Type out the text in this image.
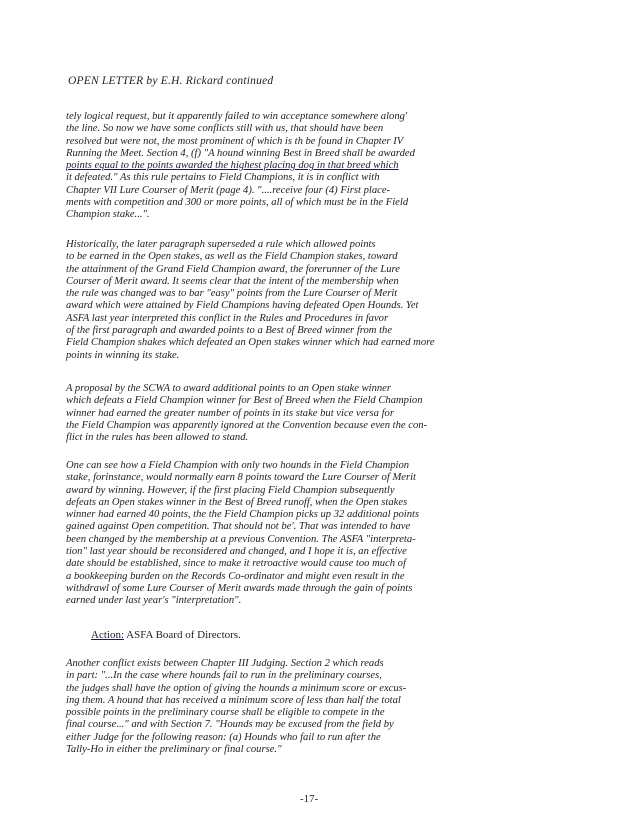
OPEN LETTER by E.H. Rickard continued
tely logical request, but it apparently failed to win acceptance somewhere along'
the line. So now we have some conflicts still with us, that should have been
resolved but were not, the most prominent of which is th be found in Chapter IV
Running the Meet. Section 4, (f) "A hound winning Best in Breed shall be awarded
points equal to the points awarded the highest placing dog in that breed which
it defeated." As this rule pertains to Field Champions, it is in conflict with
Chapter VII Lure Courser of Merit (page 4). "....receive four (4) First place-
ments with competition and 300 or more points, all of which must be in the Field
Champion stake...".
Historically, the later paragraph superseded a rule which allowed points
to be earned in the Open stakes, as well as the Field Champion stakes, toward
the attainment of the Grand Field Champion award, the forerunner of the Lure
Courser of Merit award. It seems clear that the intent of the membership when
the rule was changed was to bar "easy" points from the Lure Courser of Merit
award which were attained by Field Champions having defeated Open Hounds. Yet
ASFA last year interpreted this conflict in the Rules and Procedures in favor
of the first paragraph and awarded points to a Best of Breed winner from the
Field Champion shakes which defeated an Open stakes winner which had earned more
points in winning its stake.
A proposal by the SCWA to award additional points to an Open stake winner
which defeats a Field Champion winner for Best of Breed when the Field Champion
winner had earned the greater number of points in its stake but vice versa for
the Field Champion was apparently ignored at the Convention because even the con-
flict in the rules has been allowed to stand.
One can see how a Field Champion with only two hounds in the Field Champion
stake, forinstance, would normally earn 8 points toward the Lure Courser of Merit
award by winning. However, if the first placing Field Champion subsequently
defeats an Open stakes winner in the Best of Breed runoff, when the Open stakes
winner had earned 40 points, the the Field Champion picks up 32 additional points
gained against Open competition. That should not be'. That was intended to have
been changed by the membership at a previous Convention. The ASFA "interpreta-
tion" last year should be reconsidered and changed, and I hope it is, an effective
date should be established, since to make it retroactive would cause too much of
a bookkeeping burden on the Records Co-ordinator and might even result in the
withdrawl of some Lure Courser of Merit awards made through the gain of points
earned under last year's "interpretation".
Action: ASFA Board of Directors.
Another conflict exists between Chapter III Judging. Section 2 which reads
in part: "...In the case where hounds fail to run in the preliminary courses,
the judges shall have the option of giving the hounds a minimum score or excus-
ing them. A hound that has received a minimum score of less than half the total
possible points in the preliminary course shall be eligible to compete in the
final course..." and with Section 7. "Hounds may be excused from the field by
either Judge for the following reason: (a) Hounds who fail to run after the
Tally-Ho in either the preliminary or final course."
-17-
